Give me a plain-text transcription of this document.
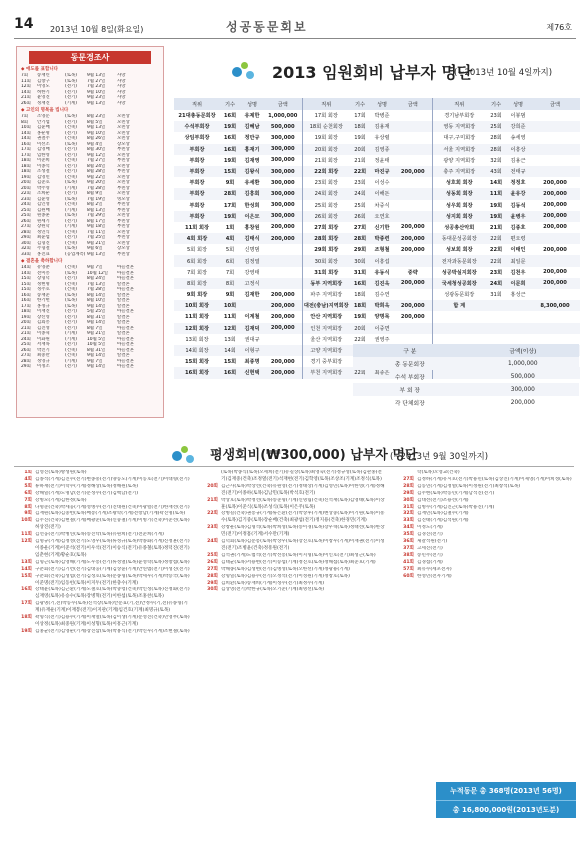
14 2013년 10월 8일(화요일)	성공동문회보	제76호
동문경조사
◆ 애도를 표합니다
7회	송재린	(토목)	9월 13일	사망
11회	김창구	(토목)	7월 27일	사망
12회	이영노	(전기)	7월 23일	사망
14회	허한기	(전기)	9월 10일	사망
21회	윤영진	(전기)	9월 23일	사망
26회	정재진	(기계)	9월 13일	사망
◆ 고인의 명복을 빕니다
7회	조영문	(토목)	8월 23일	모친상
8회	안기섭	(전기)	8월 5일	모친상
10회	김윤배	(건축)	9월 13일	모친상
14회	홍순명	(전기)	9월 10일	모친상
14회	권철주	(건축)	8월 26일	모친상
16회	이선조	(토목)	9월 4일	장모상
17회	김영배	(전기)	8월 30일	부친상
17회	임한영	(전기)	9월 12일	모친상
18회	이준희	(건축)	7월 27일	부친상
18회	이종석	(전기)	8월 24일	모친상
18회	조성철	(전기)	8월 28일	부친상
19회	김영민	(건축)	9월 22일	모친상
20회	김준호	(토목)	9월 20일	모친상
20회	박주영	(기계)	7월 28일	부친상
22회	조희순	(전기)	8월 9일	모친상
23회	김윤영	(토목)	7월 19일	빙모상
24회	김인성	(건축)	8월 2일	부친상
25회	김원배	(기계)	8월 13일	부친상
25회	원종훈	(토목)	7월 29일	모친상
26회	원세기	(전기)	8월 17일	부친상
27회	장원학	(기계)	9월 18일	부친상
28회	정연식	(건축)	7월 11일	모친상
29회	최윤섭	(전기)	7월 25일	부친상
30회	김형진	(건축)	9월 21일	모친상
32회	주형철	(토목)	9월 6일	장모상
33회	홍진표	(공업계측) 9월 13일	부친상
◆ 결혼을 축하합니다
14회	유영춘	(건축)	9월 7일	아들결혼
14회	전미흥	(토목)	10월 12일	아들결혼
15회	장형덕	(전기)	8월 24일	아들결혼
15회	정현명	(건축)	7월 13일	딸결혼
15회	정주호	(건축)	7월 28일	아들결혼
16회	송재준	(토목)	8월 14일	딸결혼
16회	한기헌	(토목)	8월 10일	딸결혼
17회	홍정규	(토목)	9월 14일	딸결혼
18회	이재진	(전기)	5월 25일	아들결혼
19회	장신영	(전기)	8월 31일	딸결혼
20회	김외흥	(전기)	9월 14일	딸결혼
21회	김진성	(전기)	8월 7일	아들결혼
21회	이종혁	(기계)	9월 21일	딸결혼
24회	이화원	(기계)	10월 5일	아들결혼
25회	서재목	(전기)	10월 5일	아들결혼
26회	박진기	(건축)	8월 31일	아들결혼
27회	최중만	(건축)	9월 14일	딸결혼
28회	정영규	(기계)	9월 7일	아들결혼
29회	이정조	(전기)	9월 14일	아들결혼
2013 임원회비 납부자 명단
(~2013년 10월 4일까지)
직위	기수	성명	금액	직위	기수	성명	금액	직위	기수	성명	금액
21대총동문회장	16회	유제한	1,000,000	17회 회장	17회	박병준		경기남부회장	23회	이봉범	
수석부회장	19회	김혜남	500,000	18회 순천회장	18회	김용재		영동 지역회장	25회	강희준	
상임부회장	16회	정만규	300,000	19회 회장	19회	유상렬		대구,구미회장	28회	송세영	
부회장	16회	홍재기	300,000	20회 회장	20회	김영종		서울 지역회장	28회	이흥상	
부회장	19회	김재영	300,000	21회 회장	21회	정윤태		광양 지역회장	32회	김용근	
부회장	15회	김왕식	300,000	22회 회장	22회	마진규	200,000	충주 지역회장	43회	전태규	
부회장	9회	유세환	300,000	23회 회장	23회	이성수		성호회 회장	14회	정정호	200,000
부회장	28회	김흥회	300,000	24회 회장	24회	이해돈		성동회 회장	11회	윤유강	200,000
부회장	17회	한성희	300,000	25회 회장	25회	차중식		성우회 회장	19회	김동석	200,000
부회장	19회	이은모	300,000	26회 회장	26회	오연호		성지회 회장	19회	윤병우	200,000
11회 회장	1회	홍창원	200,000	27회 회장	27회	신기한	200,000	성공총산악회	21회	김종호	200,000
4회 회장	4회	김태식	200,000	28회 회장	28회	박종련	200,000	동대문성공회장	22회	편오령	
5회 회장	5회	신명범		29회 회장	29회	조형철	200,000	성보회 회장	22회	이태인	200,000
6회 회장	6회	김정열		30회 회장	30회	이흥섭		전자과동문회장	22회	최일문	
7회 회장	7회	강영태		31회 회장	31회	유동식	중략	성공박실지회장	23회	김천우	200,000
8회 회장	8회	고정식		동부 지역회장	16회	김진옥	200,000	국세청성공회장	24회	이문희	200,000
9회 회장	9회	김재한	200,000	파주 지역회장	18회	김수연		성광동문회장	31회	홍성근	
10회 회장	10회		200,000	대전(충남)지역회장	18회	박희옥	200,000	합 계			8,300,000
11회 회장	11회	이계철	200,000	안산 지역회장	19회	양명목	200,000				
12회 회장	12회	김재덕	200,000	인천 지역회장	20회	이중면					
13회 회장	13회	권대규		울산 지역회장	22회	권영주					
14회 회장	14회	이형구		고양 지역회장							
15회 회장	15회	최종명	200,000	경기 중부회장							
16회 회장	16회	신현택	200,000	부천 지역회장	22회	최종은					
구 분	금액(이상)
총 동문회장	1,000,000
수석 부회장	500,000
부 회 장	300,000
각 단체회장	200,000
평생회비(₩300,000) 납부자 명단
(~2013년 9월 30일까지)
1회 김영진(토목)방성원(토목)
4회 김종석(기계)김진수(전기)변종흥(전기)양동노(기계)이동호(전기)이대형(전기)
5회 류하재(전기)이학수(기계)정해상(토목)정해원(토목)
6회 강해일(기계)노명남(전기)문성수(전기)김백남(전기)
7회 강병모(기계)김한정(토목)
8회 나명준(건축)박세웅(기계)성병수(전기)진대원(건축)이광렬(전기)한재선(전기)
9회 김재원(토목)김중헌(토목)배봉(기계)조왕학(기계)전창남(기계)곽진명(토목)
10회 김주진(건축)김현철(기계)배광준(토목)신중철(기계)이병기(건축)이준선(토목)허상진(전기)
11회 김선웅(전기)박병연(토목)송진탁(토목)유원희(전기)전준희(기계)
12회 김명규(기계)김정성(전기)노영우(토목)류성규(토목)박종화(기계)신정훈(전기)이종운(기계)이준석(전기)이우석(전기)이승식(전기)유종철(토목)정덕진(전기)임춘현(기계)황순호(토목)
13회 김형근(토목)김영해(기계)도우봉(전기)류성열(토목)윤성학(토목)정창섭(토목)
14회 구춘회(전기)김기련(전기)김대웅(기계)김상윤(기계)안연범(전기)이성진(전기)
15회 구춘회(건축)김성엽(전기)김성호(토목)문종형(토목)박세우(기계)박승국(토목)이준명(전기)임동헌(토목)이지두(전기)한충수(기계)
16회 강태윤(토목)김근환(기계)노철호(토목)박충령(건축)박인성(토목)진정화(전기)심재영(토목)유승수(토목)장병혁(전기)이한섭(토목)조홍찬(토목)
17회 김광명(기,전)박동수(토목)신석장(토목)안문효(기,전)안정수(기,전)유종형(기계)유재운(기계)이재봉(전기)이지관(기계)임건호(기계)최명규(토목)
18회 곽형식(전기)김용수(기계)이재열(토목)김이생(기계)문성진(건축)민영무(토목)이상정(토목)최중원(기계)이성형(토목)이흥근(기계)
19회 김홍균(전기)김영순(기계)장진삼(토목)박홍식(전기)박신우(기계)조현철(토목)
(토목)박종식(토목)오세희(전기)유길상(토목)최영숙(전기)정규성(토목)김관홍(전기)김재중(건축)조정열(전기)석재현(전기)김학영(토목)조상조(기계)조정식(토목)
20회 김근사(토목)박상선(건축)유원영(전기)정태상(기계)김영민(토목)이한영(기계)정해진(전기)이종하(토목)김남민(토목)박석호(전기)
21회 박상호(토목)박정선(토목)송준형(기계)신명림(건축)신석재(토목)김영태(토목)이상훈(토목)이준식(토목)조성식(토목)이은주(토목)
22회 강병길(건축)권봉규(기계)류은환(전기)박상후(기계)변상중(토목)이기원(토목)이흥수(토목)김기중(토목)장순배(건축)최광섭(전기)정지용(건축)한경민(기계)
23회 강창운(토목)김형석(토목)박희성(토목)송이경(토목)장우혁(토목)정태선(토목)한상민(전기)이정흠(기계)서수만(기계)
24회 김덕회(토목)김문봉(토목)박상우(토목)장진호(토목)이창우(기계)이재권(전기)이성진(전기)조병윤(건축)정흥원(전기)
25회 김석권(기계)도범석(전기)박선봉(토목)이지형(토목)이인호(전기)최성근(토목)
26회 김태균(토목)서용현(전기)이승섭(기계)정진호(토목)정해섭(토목)최준호(기계)
27회 박해종(토목)김성현(전기)김병성(토목)오한선(기계)정광용(기계)
28회 강형일(토목)김용수(전기)오정석(전기)이성원(기계)정창호(토목)
29회 김희환(토목)송재희(기계)이성수(전기)최정수(기계)
30회 김상영(전기)박한규(토목)오기준(기계)최명선(토목)
학(토목)오영교(건축)
27회 김정하(기계)유시호(전기)박용민(토목)김상진(기계)이제영(기계)이희성(토목)
28회 김동연(기계)김정열(토목)이정원(전기)최창석(토목)
29회 김주현(토목)박동민(기계)남석진(전기)
30회 김대선(전기)조용선(기계)
31회 김병수(기계)김진근(토목)박용진(기계)
32회 김재민(토목)김철수(기계)
33회 김진태(기계)김석원(기계)
34회 이정도(기계)
35회 김경진(전기)
36회 제갈석원(전기)
37회 고세진(전기)
38회 송민주(전기)
41회 김경섭(기계)
57회 최유수(세포전자)
60회 한성민(전자기계)
누적동문 총 368명(2013년 56명)
총 16,800,000원(2013년도분)
